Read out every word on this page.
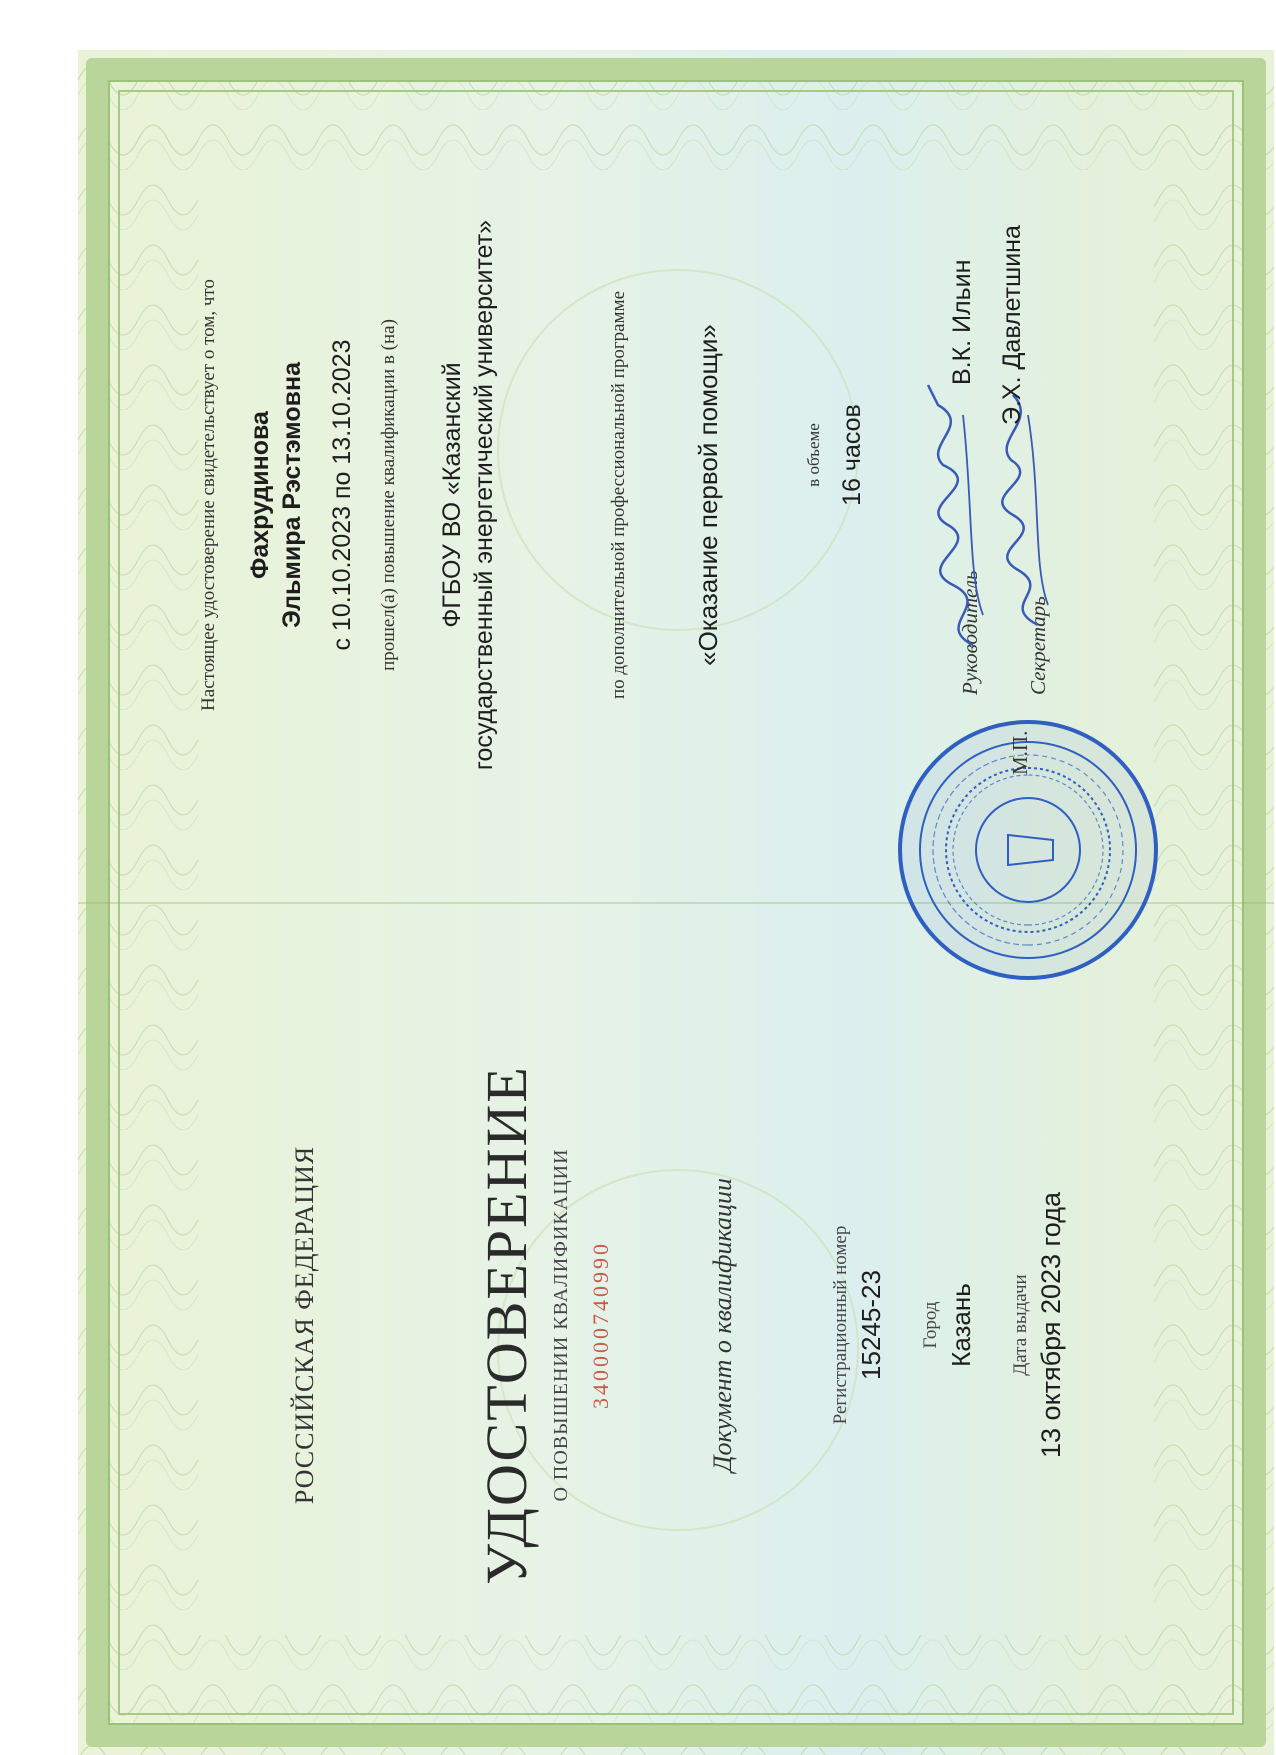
РОССИЙСКАЯ ФЕДЕРАЦИЯ	УДОСТОВЕРЕНИЕ О ПОВЫШЕНИИ КВАЛИФИКАЦИИ 340000740990	Документ о квалификации	Регистрационный номер 15245-23 Город Казань Дата выдачи 13 октября 2023 года
Настоящее удостоверение свидетельствует о том, что Фахрудинова Эльмира Рэстэмовна с 10.10.2023 по 13.10.2023 прошел(а) повышение квалификации в (на) ФГБОУ ВО «Казанский государственный энергетический университет»	по дополнительной профессиональной программе «Оказание первой помощи»	в объеме 16 часов
М.П.
Руководитель
В.К. Ильин
Секретарь
Э.Х. Давлетшина
